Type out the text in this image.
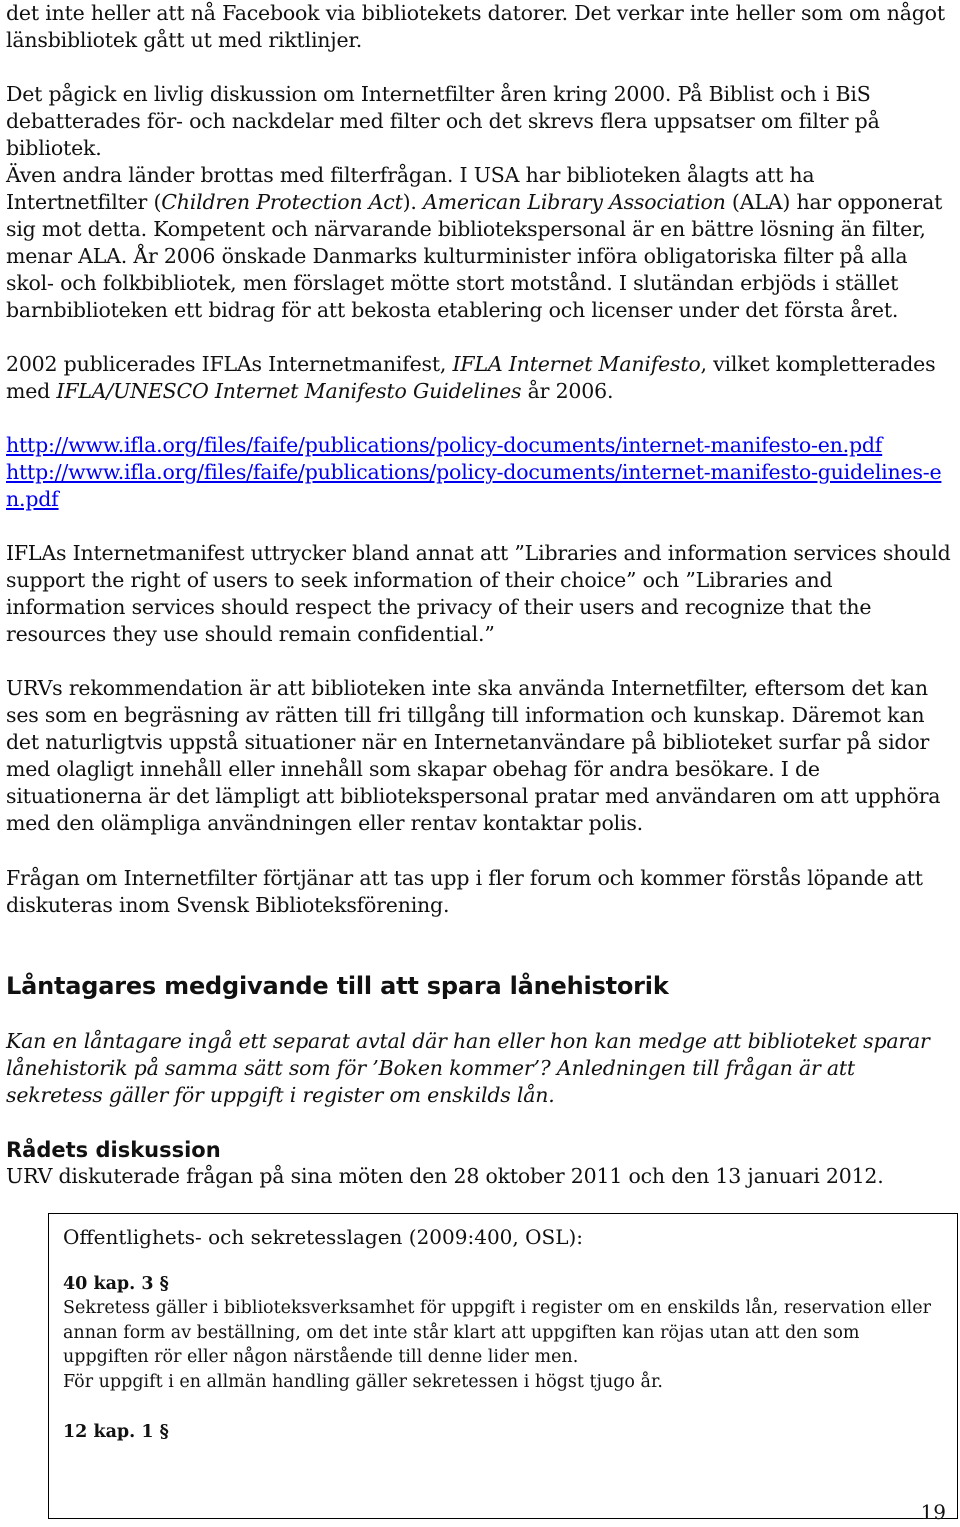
det inte heller att nå Facebook via bibliotekets datorer. Det verkar inte heller som om något länsbibliotek gått ut med riktlinjer.

Det pågick en livlig diskussion om Internetfilter åren kring 2000. På Biblist och i BiS debatterades för- och nackdelar med filter och det skrevs flera uppsatser om filter på bibliotek.

Även andra länder brottas med filterfrågan. I USA har biblioteken ålagts att ha Intertnetfilter (Children Protection Act). American Library Association (ALA) har opponerat sig mot detta. Kompetent och närvarande bibliotekspersonal är en bättre lösning än filter, menar ALA. År 2006 önskade Danmarks kulturminister införa obligatoriska filter på alla skol- och folkbibliotek, men förslaget mötte stort motstånd. I slutändan erbjöds i stället barnbiblioteken ett bidrag för att bekosta etablering och licenser under det första året.

2002 publicerades IFLAs Internetmanifest, IFLA Internet Manifesto, vilket kompletterades med IFLA/UNESCO Internet Manifesto Guidelines år 2006.

http://www.ifla.org/files/faife/publications/policy-documents/internet-manifesto-en.pdf
http://www.ifla.org/files/faife/publications/policy-documents/internet-manifesto-guidelines-en.pdf

IFLAs Internetmanifest uttrycker bland annat att ”Libraries and information services should support the right of users to seek information of their choice” och ”Libraries and information services should respect the privacy of their users and recognize that the resources they use should remain confidential.”

URVs rekommendation är att biblioteken inte ska använda Internetfilter, eftersom det kan ses som en begräsning av rätten till fri tillgång till information och kunskap. Däremot kan det naturligtvis uppstå situationer när en Internetanvändare på biblioteket surfar på sidor med olagligt innehåll eller innehåll som skapar obehag för andra besökare. I de situationerna är det lämpligt att bibliotekspersonal pratar med användaren om att upphöra med den olämpliga användningen eller rentav kontaktar polis.

Frågan om Internetfilter förtjänar att tas upp i fler forum och kommer förstås löpande att diskuteras inom Svensk Biblioteksförening.

Låntagares medgivande till att spara lånehistorik

Kan en låntagare ingå ett separat avtal där han eller hon kan medge att biblioteket sparar lånehistorik på samma sätt som för ’Boken kommer’? Anledningen till frågan är att sekretess gäller för uppgift i register om enskilds lån.

Rådets diskussion

URV diskuterade frågan på sina möten den 28 oktober 2011 och den 13 januari 2012.

Offentlighets- och sekretesslagen (2009:400, OSL):

40 kap. 3 §

Sekretess gäller i biblioteksverksamhet för uppgift i register om en enskilds lån, reservation eller annan form av beställning, om det inte står klart att uppgiften kan röjas utan att den som uppgiften rör eller någon närstående till denne lider men.

För uppgift i en allmän handling gäller sekretessen i högst tjugo år.

12 kap. 1 §

19
